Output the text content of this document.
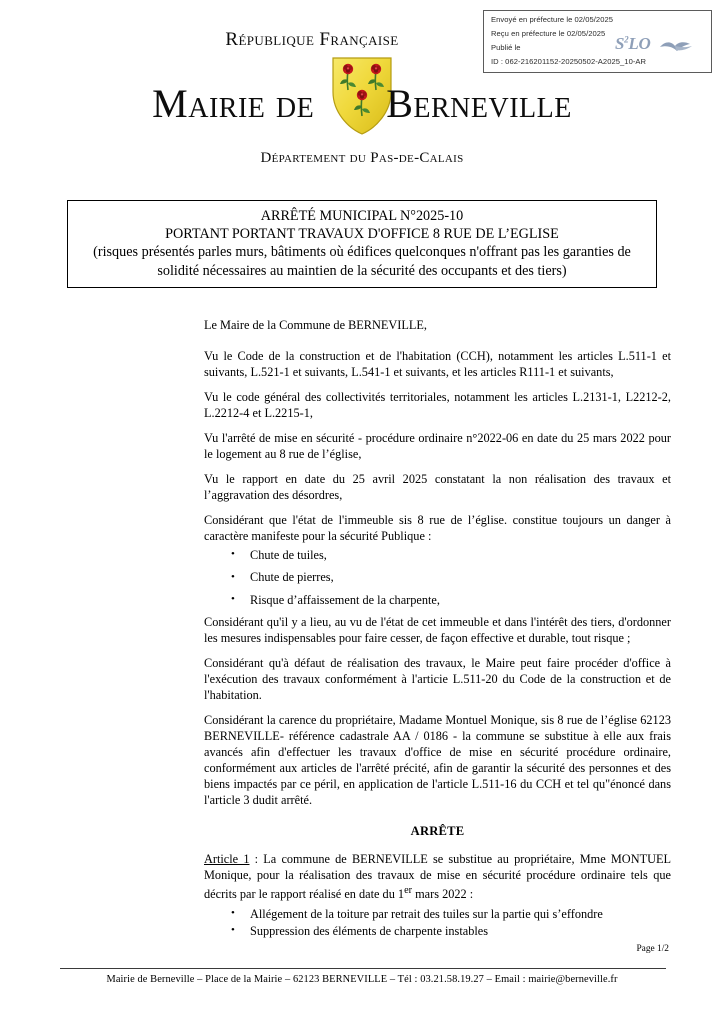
Envoyé en préfecture le 02/05/2025
Reçu en préfecture le 02/05/2025
Publié le
ID : 062-216201152-20250502-A2025_10-AR
$S^2LO$
République Française
Mairie de Berneville
Département du Pas-de-Calais
ARRÊTÉ MUNICIPAL N°2025-10
PORTANT PORTANT TRAVAUX D'OFFICE 8 RUE DE L’EGLISE
(risques présentés parles murs, bâtiments où édifices quelconques n'offrant pas les garanties de solidité nécessaires au maintien de la sécurité des occupants et des tiers)

Le Maire de la Commune de BERNEVILLE,

Vu le Code de la construction et de l'habitation (CCH), notamment les articles L.511-1 et suivants, L.521-1 et suivants, L.541-1 et suivants, et les articles R111-1 et suivants,

Vu le code général des collectivités territoriales, notamment les articles L.2131-1, L2212-2, L.2212-4 et L.2215-1,

Vu l'arrêté de mise en sécurité - procédure ordinaire n°2022-06 en date du 25 mars 2022 pour le logement au 8 rue de l’église,

Vu le rapport en date du 25 avril 2025 constatant la non réalisation des travaux et l’aggravation des désordres,

Considérant que l'état de l'immeuble sis 8 rue de l’église. constitue toujours un danger à caractère manifeste pour la sécurité Publique :

• Chute de tuiles,
• Chute de pierres,
• Risque d’affaissement de la charpente,

Considérant qu'il y a lieu, au vu de l'état de cet immeuble et dans l'intérêt des tiers, d'ordonner les mesures indispensables pour faire cesser, de façon effective et durable, tout risque ;

Considérant qu'à défaut de réalisation des travaux, le Maire peut faire procéder d'office à l'exécution des travaux conformément à l'articie L.511-20 du Code de la construction et de l'habitation.

Considérant la carence du propriétaire, Madame Montuel Monique, sis 8 rue de l’église 62123 BERNEVILLE- référence cadastrale AA / 0186 - la commune se substitue à elle aux frais avancés afin d'effectuer les travaux d'office de mise en sécurité procédure ordinaire, conformément aux articles de l'arrêté précité, afin de garantir la sécurité des personnes et des biens impactés par ce péril, en application de l'article L.511-16 du CCH et tel qu"énoncé dans l'article 3 dudit arrêté.

ARRÊTE

Article 1 : La commune de BERNEVILLE se substitue au propriétaire, Mme MONTUEL Monique, pour la réalisation des travaux de mise en sécurité procédure ordinaire tels que décrits par le rapport réalisé en date du 1er mars 2022 :

• Allégement de la toiture par retrait des tuiles sur la partie qui s’effondre
• Suppression des éléments de charpente instables
Page 1/2
Mairie de Berneville – Place de la Mairie – 62123 BERNEVILLE – Tél : 03.21.58.19.27 – Email : mairie@berneville.fr
